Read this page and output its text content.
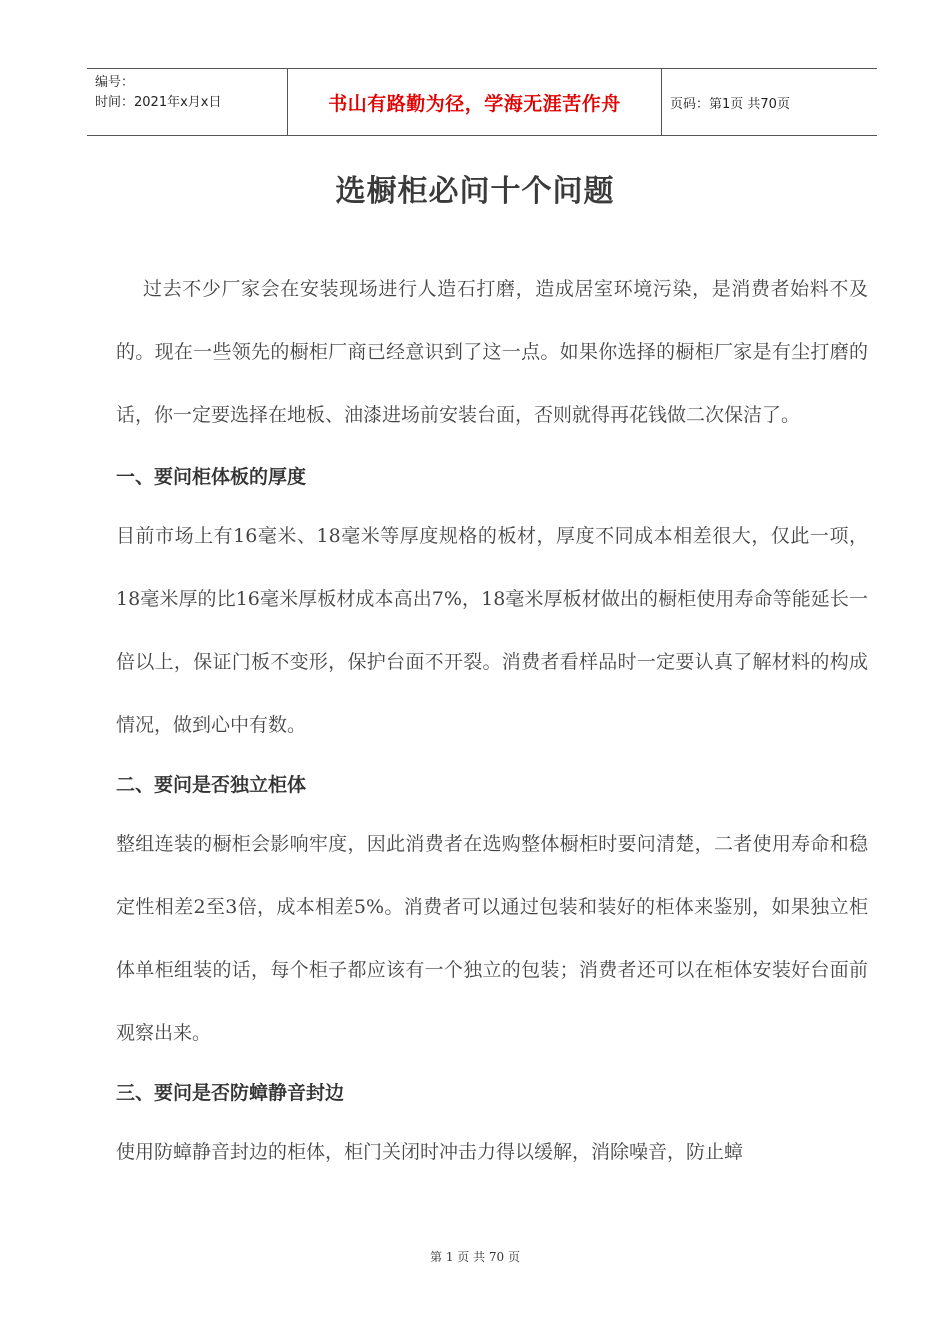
编号：
时间：2021年x月x日	书山有路勤为径，学海无涯苦作舟	页码：第1页 共70页
选橱柜必问十个问题

过去不少厂家会在安装现场进行人造石打磨，造成居室环境污染，是消费者始料不及的。现在一些领先的橱柜厂商已经意识到了这一点。如果你选择的橱柜厂家是有尘打磨的话，你一定要选择在地板、油漆进场前安装台面，否则就得再花钱做二次保洁了。

一、要问柜体板的厚度

目前市场上有16毫米、18毫米等厚度规格的板材，厚度不同成本相差很大，仅此一项，18毫米厚的比16毫米厚板材成本高出7%，18毫米厚板材做出的橱柜使用寿命等能延长一倍以上，保证门板不变形，保护台面不开裂。消费者看样品时一定要认真了解材料的构成情况，做到心中有数。

二、要问是否独立柜体

整组连装的橱柜会影响牢度，因此消费者在选购整体橱柜时要问清楚，二者使用寿命和稳定性相差2至3倍，成本相差5%。消费者可以通过包装和装好的柜体来鉴别，如果独立柜体单柜组装的话，每个柜子都应该有一个独立的包装；消费者还可以在柜体安装好台面前观察出来。

三、要问是否防蟑静音封边

使用防蟑静音封边的柜体，柜门关闭时冲击力得以缓解，消除噪音，防止蟑

第 1 页 共 70 页
